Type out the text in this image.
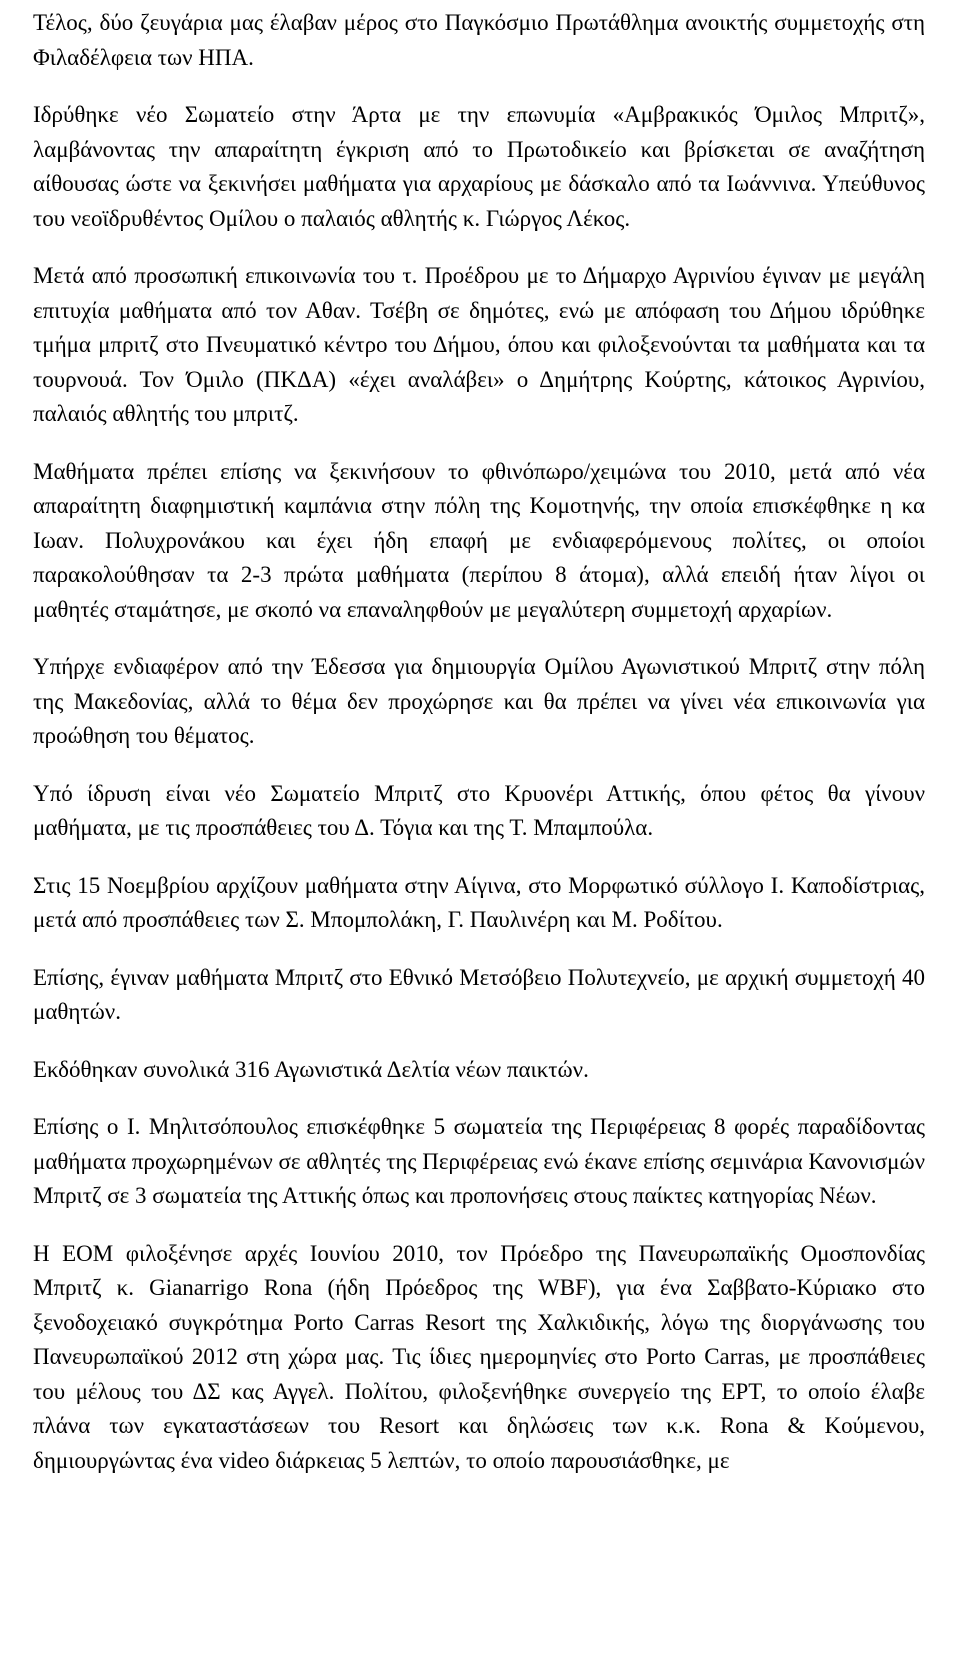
Τέλος, δύο ζευγάρια μας έλαβαν μέρος στο Παγκόσμιο Πρωτάθλημα ανοικτής συμμετοχής στη Φιλαδέλφεια των ΗΠΑ.

Ιδρύθηκε νέο Σωματείο στην Άρτα με την επωνυμία «Αμβρακικός Όμιλος Μπριτζ», λαμβάνοντας την απαραίτητη έγκριση από το Πρωτοδικείο και βρίσκεται σε αναζήτηση αίθουσας ώστε να ξεκινήσει μαθήματα για αρχαρίους με δάσκαλο από τα Ιωάννινα. Υπεύθυνος του νεοϊδρυθέντος Ομίλου ο παλαιός αθλητής κ. Γιώργος Λέκος.

Μετά από προσωπική επικοινωνία του τ. Προέδρου με το Δήμαρχο Αγρινίου έγιναν με μεγάλη επιτυχία μαθήματα από τον Αθαν. Τσέβη σε δημότες, ενώ με απόφαση του Δήμου ιδρύθηκε τμήμα μπριτζ στο Πνευματικό κέντρο του Δήμου, όπου και φιλοξενούνται τα μαθήματα και τα τουρνουά. Τον Όμιλο (ΠΚΔΑ) «έχει αναλάβει» ο Δημήτρης Κούρτης, κάτοικος Αγρινίου, παλαιός αθλητής του μπριτζ.

Μαθήματα πρέπει επίσης να ξεκινήσουν το φθινόπωρο/χειμώνα του 2010, μετά από νέα απαραίτητη διαφημιστική καμπάνια στην πόλη της Κομοτηνής, την οποία επισκέφθηκε η κα Ιωαν. Πολυχρονάκου και έχει ήδη επαφή με ενδιαφερόμενους πολίτες, οι οποίοι παρακολούθησαν τα 2-3 πρώτα μαθήματα (περίπου 8 άτομα), αλλά επειδή ήταν λίγοι οι μαθητές σταμάτησε, με σκοπό να επαναληφθούν με μεγαλύτερη συμμετοχή αρχαρίων.

Υπήρχε ενδιαφέρον από την Έδεσσα για δημιουργία Ομίλου Αγωνιστικού Μπριτζ στην πόλη της Μακεδονίας, αλλά το θέμα δεν προχώρησε και θα πρέπει να γίνει νέα επικοινωνία για προώθηση του θέματος.

Υπό ίδρυση είναι νέο Σωματείο Μπριτζ στο Κρυονέρι Αττικής, όπου φέτος θα γίνουν μαθήματα, με τις προσπάθειες του Δ. Τόγια και της Τ. Μπαμπούλα.

Στις 15 Νοεμβρίου αρχίζουν μαθήματα στην Αίγινα, στο Μορφωτικό σύλλογο Ι. Καποδίστριας, μετά από προσπάθειες των Σ. Μπομπολάκη, Γ. Παυλινέρη και Μ. Ροδίτου.

Επίσης, έγιναν μαθήματα Μπριτζ στο Εθνικό Μετσόβειο Πολυτεχνείο, με αρχική συμμετοχή 40 μαθητών.

Εκδόθηκαν συνολικά 316 Αγωνιστικά Δελτία νέων παικτών.

Επίσης ο Ι. Μηλιτσόπουλος επισκέφθηκε 5 σωματεία της Περιφέρειας 8 φορές παραδίδοντας μαθήματα προχωρημένων σε αθλητές της Περιφέρειας ενώ έκανε επίσης σεμινάρια Κανονισμών Μπριτζ σε 3 σωματεία της Αττικής όπως και προπονήσεις στους παίκτες κατηγορίας Νέων.

Η ΕΟΜ φιλοξένησε αρχές Ιουνίου 2010, τον Πρόεδρο της Πανευρωπαϊκής Ομοσπονδίας Μπριτζ κ. Gianarrigo Rona (ήδη Πρόεδρος της WBF), για ένα Σαββατο-Κύριακο στο ξενοδοχειακό συγκρότημα Porto Carras Resort της Χαλκιδικής, λόγω της διοργάνωσης του Πανευρωπαϊκού 2012 στη χώρα μας. Τις ίδιες ημερομηνίες στο Porto Carras, με προσπάθειες του μέλους του ΔΣ κας Αγγελ. Πολίτου, φιλοξενήθηκε συνεργείο της ΕΡΤ, το οποίο έλαβε πλάνα των εγκαταστάσεων του Resort και δηλώσεις των κ.κ. Rona & Κούμενου, δημιουργώντας ένα video διάρκειας 5 λεπτών, το οποίο παρουσιάσθηκε, με
